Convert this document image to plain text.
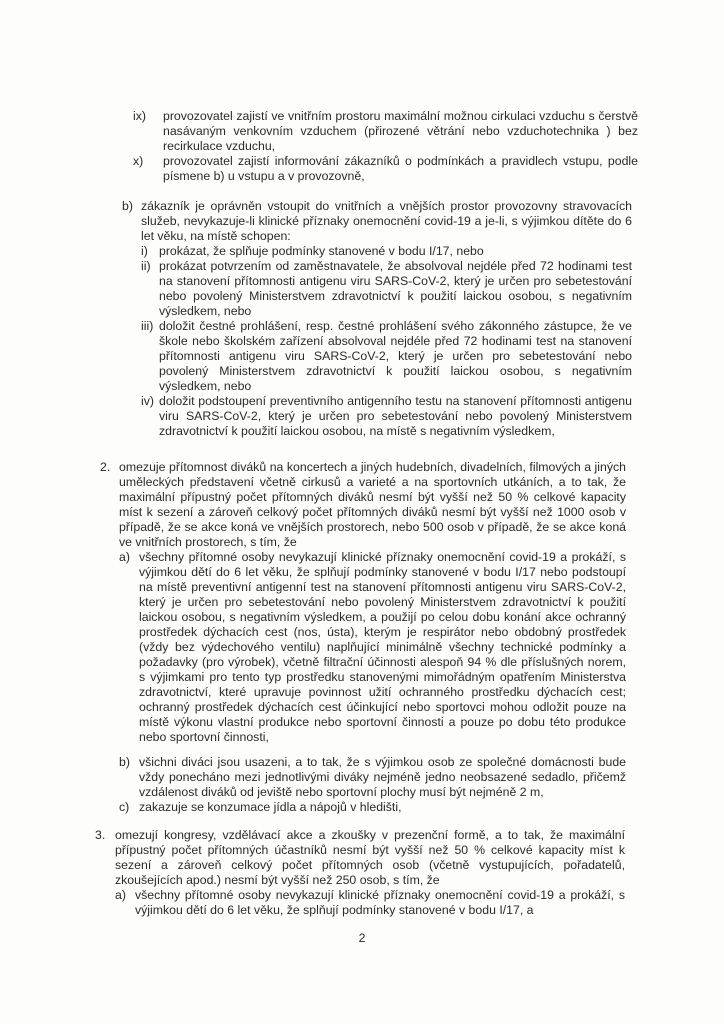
ix) provozovatel zajistí ve vnitřním prostoru maximální možnou cirkulaci vzduchu s čerstvě nasávaným venkovním vzduchem (přirozené větrání nebo vzduchotechnika ) bez recirkulace vzduchu,
x) provozovatel zajistí informování zákazníků o podmínkách a pravidlech vstupu, podle písmene b) u vstupu a v provozovně,
b) zákazník je oprávněn vstoupit do vnitřních a vnějších prostor provozovny stravovacích služeb, nevykazuje-li klinické příznaky onemocnění covid-19 a je-li, s výjimkou dítěte do 6 let věku, na místě schopen:
i) prokázat, že splňuje podmínky stanovené v bodu I/17, nebo
ii) prokázat potvrzením od zaměstnavatele, že absolvoval nejdéle před 72 hodinami test na stanovení přítomnosti antigenu viru SARS-CoV-2, který je určen pro sebetestování nebo povolený Ministerstvem zdravotnictví k použití laickou osobou, s negativním výsledkem, nebo
iii) doložit čestné prohlášení, resp. čestné prohlášení svého zákonného zástupce, že ve škole nebo školském zařízení absolvoval nejdéle před 72 hodinami test na stanovení přítomnosti antigenu viru SARS-CoV-2, který je určen pro sebetestování nebo povolený Ministerstvem zdravotnictví k použití laickou osobou, s negativním výsledkem, nebo
iv) doložit podstoupení preventivního antigenního testu na stanovení přítomnosti antigenu viru SARS-CoV-2, který je určen pro sebetestování nebo povolený Ministerstvem zdravotnictví k použití laickou osobou, na místě s negativním výsledkem,
2. omezuje přítomnost diváků na koncertech a jiných hudebních, divadelních, filmových a jiných uměleckých představení včetně cirkusů a varieté a na sportovních utkáních, a to tak, že maximální přípustný počet přítomných diváků nesmí být vyšší než 50 % celkové kapacity míst k sezení a zároveň celkový počet přítomných diváků nesmí být vyšší než 1000 osob v případě, že se akce koná ve vnějších prostorech, nebo 500 osob v případě, že se akce koná ve vnitřních prostorech, s tím, že
a) všechny přítomné osoby nevykazují klinické příznaky onemocnění covid-19 a prokáží, s výjimkou dětí do 6 let věku, že splňují podmínky stanovené v bodu I/17 nebo podstoupí na místě preventivní antigenní test na stanovení přítomnosti antigenu viru SARS-CoV-2, který je určen pro sebetestování nebo povolený Ministerstvem zdravotnictví k použití laickou osobou, s negativním výsledkem, a použijí po celou dobu konání akce ochranný prostředek dýchacích cest (nos, ústa), kterým je respirátor nebo obdobný prostředek (vždy bez výdechového ventilu) naplňující minimálně všechny technické podmínky a požadavky (pro výrobek), včetně filtrační účinnosti alespoň 94 % dle příslušných norem, s výjimkami pro tento typ prostředku stanovenými mimořádným opatřením Ministerstva zdravotnictví, které upravuje povinnost užití ochranného prostředku dýchacích cest; ochranný prostředek dýchacích cest účinkující nebo sportovci mohou odložit pouze na místě výkonu vlastní produkce nebo sportovní činnosti a pouze po dobu této produkce nebo sportovní činnosti,
b) všichni diváci jsou usazeni, a to tak, že s výjimkou osob ze společné domácnosti bude vždy ponecháno mezi jednotlivými diváky nejméně jedno neobsazené sedadlo, přičemž vzdálenost diváků od jeviště nebo sportovní plochy musí být nejméně 2 m,
c) zakazuje se konzumace jídla a nápojů v hledišti,
3. omezují kongresy, vzdělávací akce a zkoušky v prezenční formě, a to tak, že maximální přípustný počet přítomných účastníků nesmí být vyšší než 50 % celkové kapacity míst k sezení a zároveň celkový počet přítomných osob (včetně vystupujících, pořadatelů, zkoušejících apod.) nesmí být vyšší než 250 osob, s tím, že
a) všechny přítomné osoby nevykazují klinické příznaky onemocnění covid-19 a prokáží, s výjimkou dětí do 6 let věku, že splňují podmínky stanovené v bodu I/17, a
2
